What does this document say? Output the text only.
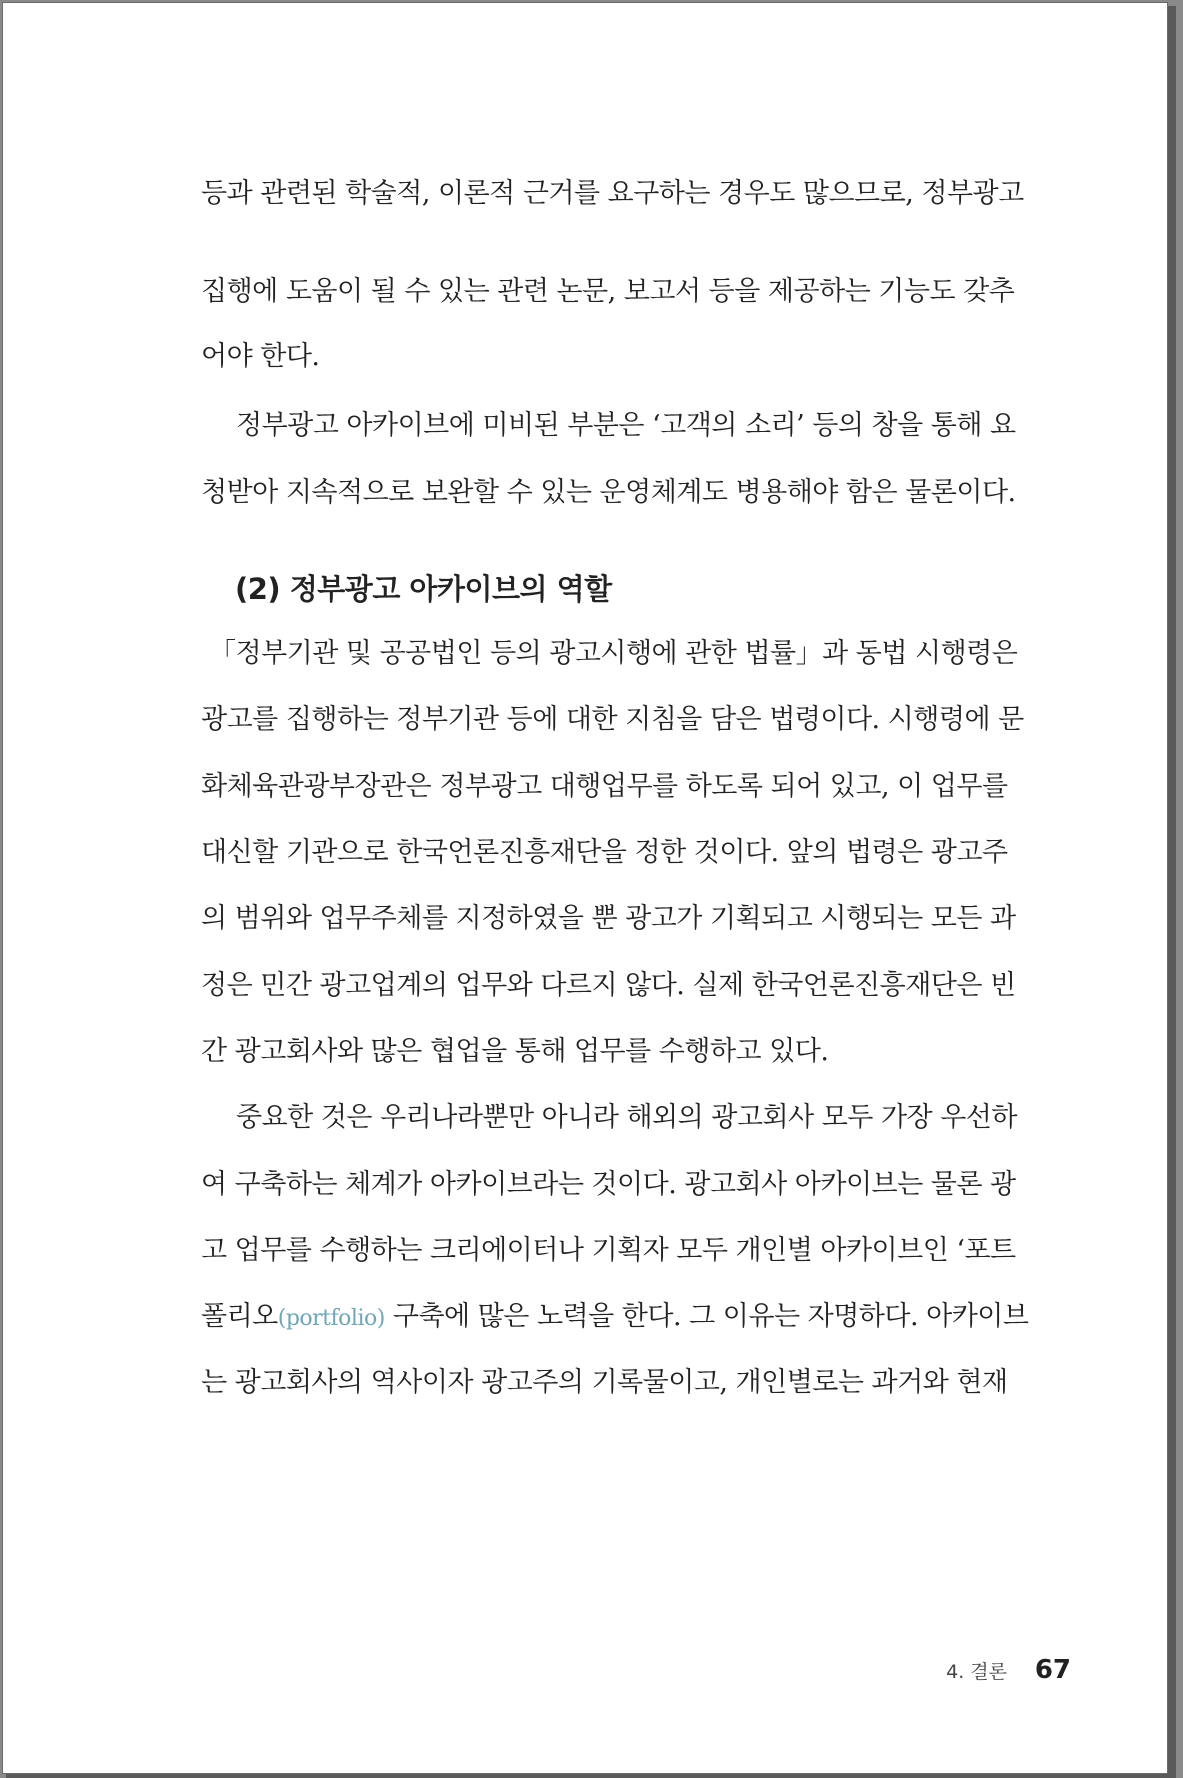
등과 관련된 학술적, 이론적 근거를 요구하는 경우도 많으므로, 정부광고
집행에 도움이 될 수 있는 관련 논문, 보고서 등을 제공하는 기능도 갖추
어야 한다.
정부광고 아카이브에 미비된 부분은 ‘고객의 소리’ 등의 창을 통해 요
청받아 지속적으로 보완할 수 있는 운영체계도 병용해야 함은 물론이다.
(2) 정부광고 아카이브의 역할
「정부기관 및 공공법인 등의 광고시행에 관한 법률」과 동법 시행령은
광고를 집행하는 정부기관 등에 대한 지침을 담은 법령이다. 시행령에 문
화체육관광부장관은 정부광고 대행업무를 하도록 되어 있고, 이 업무를
대신할 기관으로 한국언론진흥재단을 정한 것이다. 앞의 법령은 광고주
의 범위와 업무주체를 지정하였을 뿐 광고가 기획되고 시행되는 모든 과
정은 민간 광고업계의 업무와 다르지 않다. 실제 한국언론진흥재단은 빈
간 광고회사와 많은 협업을 통해 업무를 수행하고 있다.
중요한 것은 우리나라뿐만 아니라 해외의 광고회사 모두 가장 우선하
여 구축하는 체계가 아카이브라는 것이다. 광고회사 아카이브는 물론 광
고 업무를 수행하는 크리에이터나 기획자 모두 개인별 아카이브인 ‘포트
폴리오(portfolio) 구축에 많은 노력을 한다. 그 이유는 자명하다. 아카이브
는 광고회사의 역사이자 광고주의 기록물이고, 개인별로는 과거와 현재
4. 결론 67
